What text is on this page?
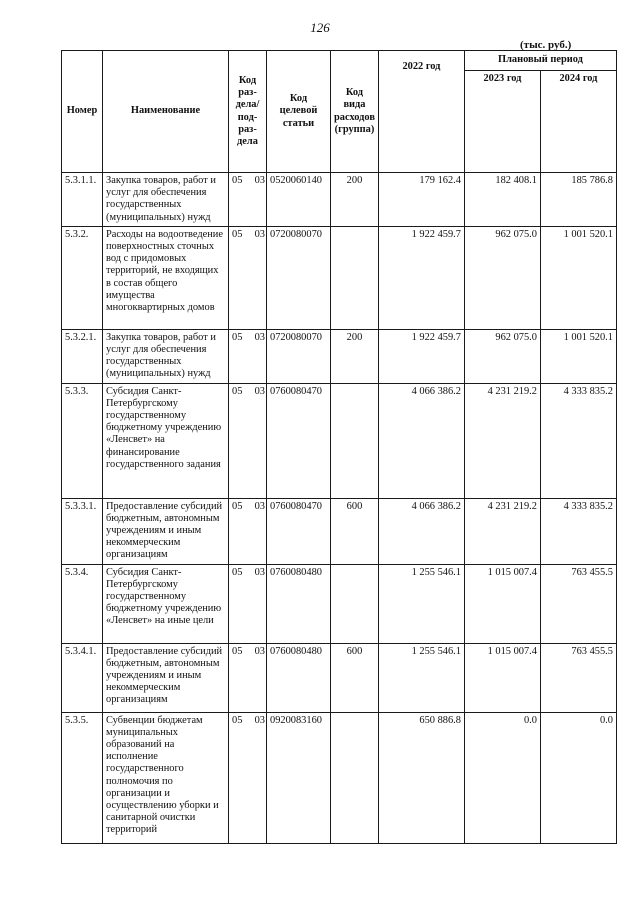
126
(тыс. руб.)
Номер	Наименование	Код раз-дела/ под-раз-дела	Код целевой статьи	Код вида расходов (группа)	2022 год	Плановый период	
						2023 год	2024 год
5.3.1.1.	Закупка товаров, работ и услуг для обеспечения государственных (муниципальных) нужд	05 03	0520060140	200	179 162.4	182 408.1	185 786.8
5.3.2.	Расходы на водоотведение поверхностных сточных вод с придомовых территорий, не входящих в состав общего имущества многоквартирных домов	05 03	0720080070		1 922 459.7	962 075.0	1 001 520.1
5.3.2.1.	Закупка товаров, работ и услуг для обеспечения государственных (муниципальных) нужд	05 03	0720080070	200	1 922 459.7	962 075.0	1 001 520.1
5.3.3.	Субсидия Санкт-Петербургскому государственному бюджетному учреждению «Ленсвет» на финансирование государственного задания	05 03	0760080470		4 066 386.2	4 231 219.2	4 333 835.2
5.3.3.1.	Предоставление субсидий бюджетным, автономным учреждениям и иным некоммерческим организациям	05 03	0760080470	600	4 066 386.2	4 231 219.2	4 333 835.2
5.3.4.	Субсидия Санкт-Петербургскому государственному бюджетному учреждению «Ленсвет» на иные цели	05 03	0760080480		1 255 546.1	1 015 007.4	763 455.5
5.3.4.1.	Предоставление субсидий бюджетным, автономным учреждениям и иным некоммерческим организациям	05 03	0760080480	600	1 255 546.1	1 015 007.4	763 455.5
5.3.5.	Субвенции бюджетам муниципальных образований на исполнение государственного полномочия по организации и осуществлению уборки и санитарной очистки территорий	05 03	0920083160		650 886.8	0.0	0.0
